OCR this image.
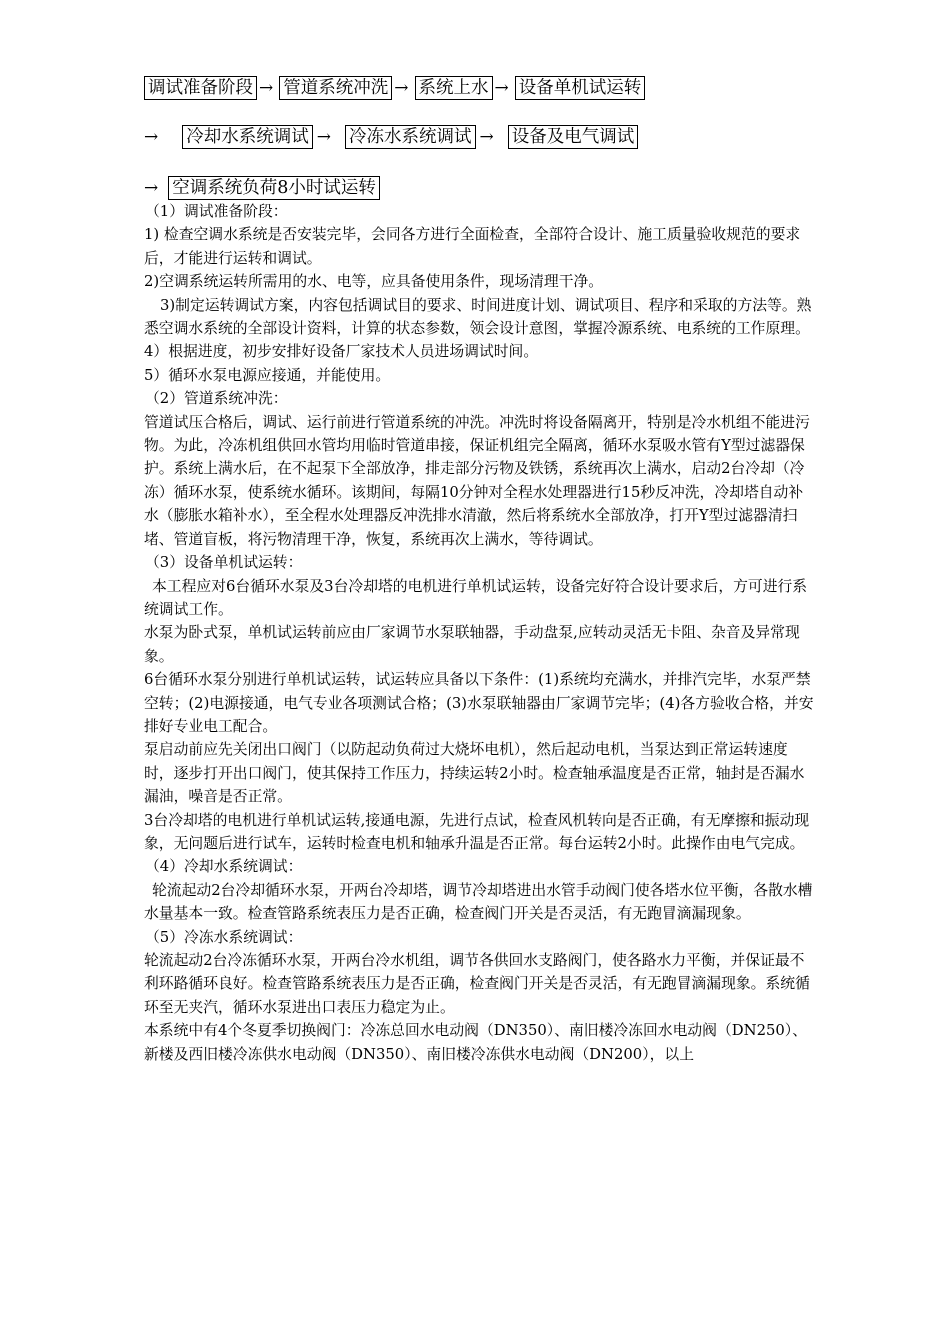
调试准备阶段 → 管道系统冲洗 → 系统上水 → 设备单机试运转
→ 冷却水系统调试 → 冷冻水系统调试 → 设备及电气调试
→ 空调系统负荷8小时试运转

（1）调试准备阶段：

1) 检查空调水系统是否安装完毕，会同各方进行全面检查，全部符合设计、施工质量验收规范的要求后，才能进行运转和调试。

2)空调系统运转所需用的水、电等，应具备使用条件，现场清理干净。

3)制定运转调试方案，内容包括调试目的要求、时间进度计划、调试项目、程序和采取的方法等。熟悉空调水系统的全部设计资料，计算的状态参数，领会设计意图，掌握冷源系统、电系统的工作原理。

4）根据进度，初步安排好设备厂家技术人员进场调试时间。

5）循环水泵电源应接通，并能使用。

（2）管道系统冲洗：

管道试压合格后，调试、运行前进行管道系统的冲洗。冲洗时将设备隔离开，特别是冷水机组不能进污物。为此，冷冻机组供回水管均用临时管道串接，保证机组完全隔离，循环水泵吸水管有Y型过滤器保护。系统上满水后，在不起泵下全部放净，排走部分污物及铁锈，系统再次上满水，启动2台冷却（冷冻）循环水泵，使系统水循环。该期间，每隔10分钟对全程水处理器进行15秒反冲洗，冷却塔自动补水（膨胀水箱补水），至全程水处理器反冲洗排水清澈，然后将系统水全部放净，打开Y型过滤器清扫堵、管道盲板，将污物清理干净，恢复，系统再次上满水，等待调试。

（3）设备单机试运转：

本工程应对6台循环水泵及3台冷却塔的电机进行单机试运转，设备完好符合设计要求后，方可进行系统调试工作。

水泵为卧式泵，单机试运转前应由厂家调节水泵联轴器，手动盘泵,应转动灵活无卡阻、杂音及异常现象。

6台循环水泵分别进行单机试运转，试运转应具备以下条件：(1)系统均充满水，并排汽完毕，水泵严禁空转；(2)电源接通，电气专业各项测试合格；(3)水泵联轴器由厂家调节完毕；(4)各方验收合格，并安排好专业电工配合。

泵启动前应先关闭出口阀门（以防起动负荷过大烧坏电机），然后起动电机，当泵达到正常运转速度时，逐步打开出口阀门，使其保持工作压力，持续运转2小时。检查轴承温度是否正常，轴封是否漏水漏油，噪音是否正常。

3台冷却塔的电机进行单机试运转,接通电源，先进行点试，检查风机转向是否正确，有无摩擦和振动现象，无问题后进行试车，运转时检查电机和轴承升温是否正常。每台运转2小时。此操作由电气完成。

（4）冷却水系统调试：

轮流起动2台冷却循环水泵，开两台冷却塔，调节冷却塔进出水管手动阀门使各塔水位平衡，各散水槽水量基本一致。检查管路系统表压力是否正确，检查阀门开关是否灵活，有无跑冒滴漏现象。

（5）冷冻水系统调试：

轮流起动2台冷冻循环水泵，开两台冷水机组，调节各供回水支路阀门，使各路水力平衡，并保证最不利环路循环良好。检查管路系统表压力是否正确，检查阀门开关是否灵活，有无跑冒滴漏现象。系统循环至无夹汽，循环水泵进出口表压力稳定为止。

本系统中有4个冬夏季切换阀门：冷冻总回水电动阀（DN350）、南旧楼冷冻回水电动阀（DN250）、新楼及西旧楼冷冻供水电动阀（DN350）、南旧楼冷冻供水电动阀（DN200），以上
